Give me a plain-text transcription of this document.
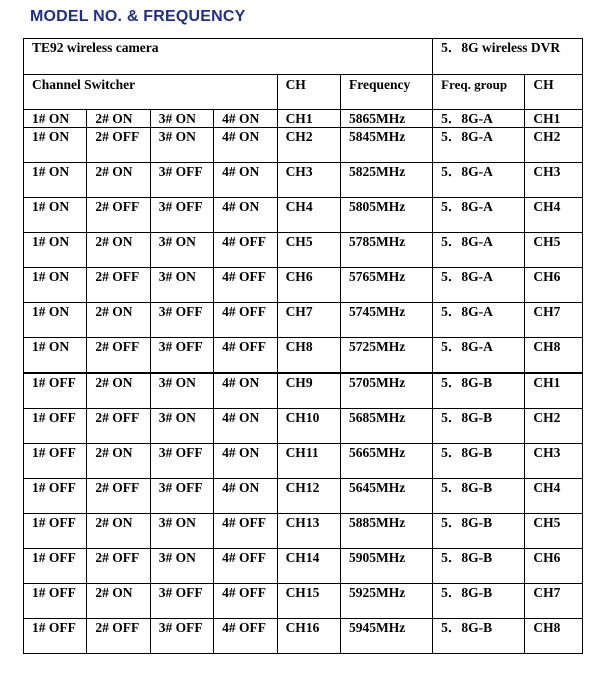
MODEL NO. & FREQUENCY
TE92 wireless camera						5．8G wireless DVR	
Channel Switcher				CH	Frequency	Freq. group	CH
1# ON	2# ON	3# ON	4# ON	CH1	5865MHz	5．8G-A	CH1
1# ON	2# OFF	3# ON	4# ON	CH2	5845MHz	5．8G-A	CH2
1# ON	2# ON	3# OFF	4# ON	CH3	5825MHz	5．8G-A	CH3
1# ON	2# OFF	3# OFF	4# ON	CH4	5805MHz	5．8G-A	CH4
1# ON	2# ON	3# ON	4# OFF	CH5	5785MHz	5．8G-A	CH5
1# ON	2# OFF	3# ON	4# OFF	CH6	5765MHz	5．8G-A	CH6
1# ON	2# ON	3# OFF	4# OFF	CH7	5745MHz	5．8G-A	CH7
1# ON	2# OFF	3# OFF	4# OFF	CH8	5725MHz	5．8G-A	CH8
1# OFF	2# ON	3# ON	4# ON	CH9	5705MHz	5．8G-B	CH1
1# OFF	2# OFF	3# ON	4# ON	CH10	5685MHz	5．8G-B	CH2
1# OFF	2# ON	3# OFF	4# ON	CH11	5665MHz	5．8G-B	CH3
1# OFF	2# OFF	3# OFF	4# ON	CH12	5645MHz	5．8G-B	CH4
1# OFF	2# ON	3# ON	4# OFF	CH13	5885MHz	5．8G-B	CH5
1# OFF	2# OFF	3# ON	4# OFF	CH14	5905MHz	5．8G-B	CH6
1# OFF	2# ON	3# OFF	4# OFF	CH15	5925MHz	5．8G-B	CH7
1# OFF	2# OFF	3# OFF	4# OFF	CH16	5945MHz	5．8G-B	CH8
